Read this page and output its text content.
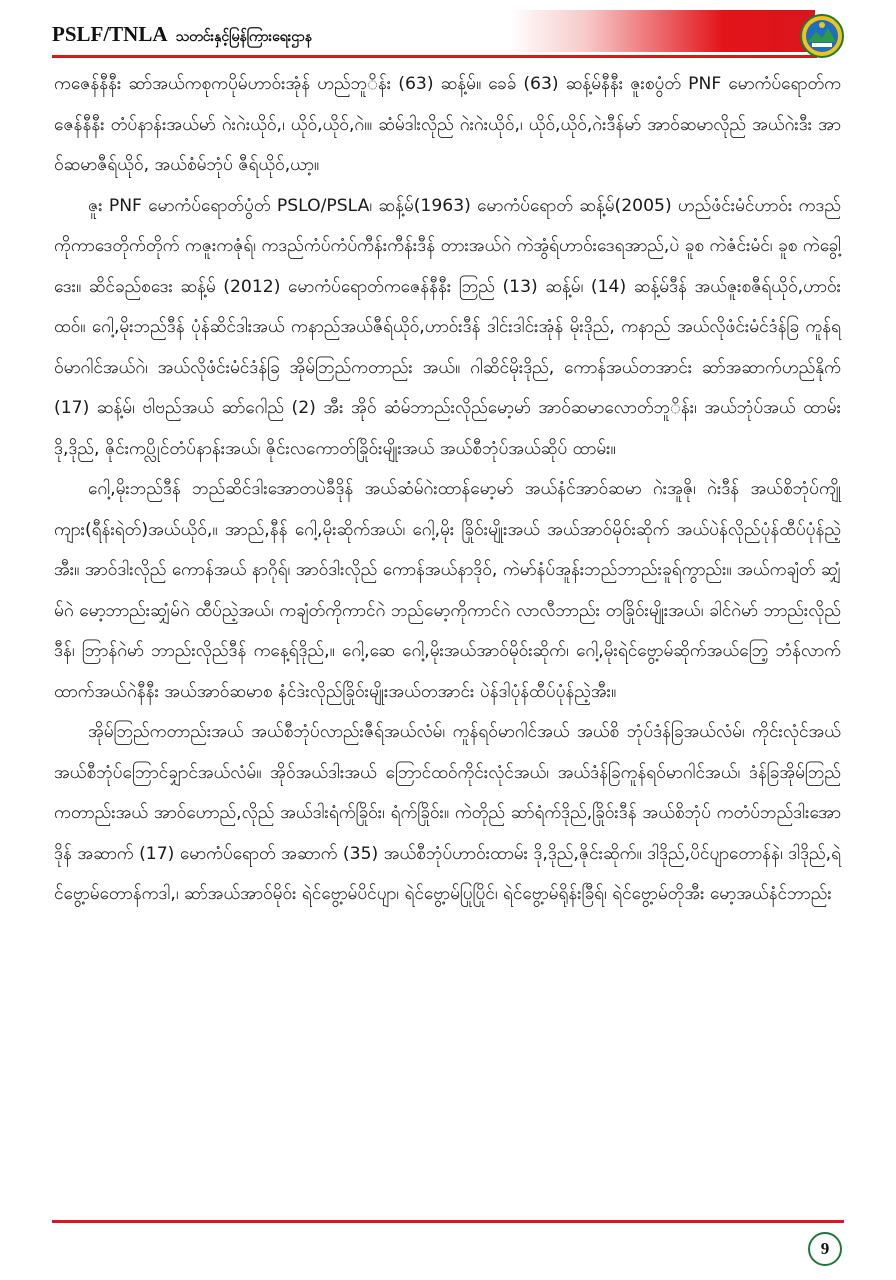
PSLF/TNLA သတင်းနှင့်မြန်ကြားရေးဌာန

ကဇေန်နီနီး ဆာ်အယ်ကစုကပိုမ်ဟာဝ်းအုံန် ဟည်ဘူိန်း (63) ဆန့်မ်။ ခေခ် (63) ဆန့်မ်နီနီး ဇူးစပွံတ် PNF မောကံပ်ရောတ်ကဇေန်နီနီး တံပ်နာန်းအယ်မာ် ဂဲးဂဲးယိုဝ်,၊ ယိုဝ်,ယိုဝ်,ဂဲ။၊ ဆံမ်ဒါးလိုည် ဂဲးဂဲးယိုဝ်,၊ ယိုဝ်,ယိုဝ်,ဂဲးဒီန်မာ် အာဝ်ဆမာလိုည် အယ်ဂဲးဒီး အာဝ်ဆမာဇီရ်ယိုဝ်, အယ်စံမ်ဘုံပ် ဇီရ်ယိုဝ်,ယာ့။

ဇူး PNF မောကံပ်ရောတ်ပွံတ် PSLO/PSLA၊ ဆန့်မ်(1963) မောကံပ်ရောတ် ဆန့်မ်(2005) ဟည်ဖံင်းမံင်ဟာဝ်း ကဒည်ကိုကာဒေတိုက်တိုက် ကဇူးကဇုံရ်၊ ကဒည်ကံပ်ကံပ်ကီန်းကီန်းဒီန် တားအယ်ဂဲ ကဲအွံရ်ဟာဝ်းဒေရအာည်,ပဲ ခူစ ကဲဇံင်းမံင်၊ ခူစ ကဲခွေါ့ဒေး။ ဆိင်ခည်စဒေး ဆန့်မ် (2012) မောကံပ်ရောတ်ကဇေန်နီနီး ဘြည် (13) ဆန့်မ်၊ (14) ဆန့်မ်ဒီန် အယ်ဇူးစဇီရ်ယိုဝ်,ဟာဝ်း ထဝ်။ ဂေါ့,မိုးဘည်ဒီန် ပုံန်ဆိင်ဒါးအယ် ကနာည်အယ်ဇီရ်ယိုဝ်,ဟာဝ်းဒီန် ဒါင်းဒါင်းအုံန် မိုးဒိုည်, ကနာည် အယ်လိုဖံင်းမံင်ဒံန်ခြ ကူန်ရဝ်မာဂါင်အယ်ဂဲ၊ အယ်လိုဖံင်းမံင်ဒံန်ခြ အိုမ်ဘြည်ကတာည်း အယ်။ ဂါဆိင်မိုးဒိုည်, ကောန်အယ်တအာင်း ဆာ်အဆာက်ဟည်နိုက် (17) ဆန့်မ်၊ ဗါဗည်အယ် ဆာ်ဂေါည် (2) အီး အိုဝ် ဆံမ်ဘာည်းလိုည်မော့မာ် အာဝ်ဆမာလောတ်ဘူိန်း၊ အယ်ဘုံပ်အယ် ထာမ်းဒို,ဒိုည်, ဇိုင်းကပ္လိုင်တံပ်နာန်းအယ်၊ ဇိုင်းလကောတ်ခြိုဝ်းမျိုးအယ် အယ်စီဘုံပ်အယ်ဆိုပ် ထာမ်း။

ဂေါ့,မိုးဘည်ဒီန် ဘည်ဆိင်ဒါးအောတပဲခီဒိုန် အယ်ဆံမ်ဂဲးထာန်မော့မာ် အယ်နံင်အာဝ်ဆမာ ဂဲးအူဇို၊ ဂဲးဒီန် အယ်စိဘုံပ်ကျိုကျား(ရီန်းရဲတ်)အယ်ယိုဝ်,။ အာည်,နီန် ဂေါ့,မိုးဆိုက်အယ်၊ ဂေါ့,မိုး ခြိုဝ်းမျိုးအယ် အယ်အာဝ်မိုဝ်းဆိုက် အယ်ပဲန်လိုည်ပုံန်ထီပ်ပုံန်ညဲ့အီး။ အာဝ်ဒါးလိုည် ကောန်အယ် နာဂိုရ်၊ အာဝ်ဒါးလိုည် ကောန်အယ်နာဒိုဝ်, ကဲမာ်နံပ်အူန်းဘည်ဘာည်းခူရ်ကွာည်း။ အယ်ကချံတ် ဆျှံမ်ဂဲ မော့ဘာည်းဆျှံမ်ဂဲ ထီပ်ညဲ့အယ်၊ ကချံတ်ကိုကာင်ဂဲ ဘည်မော့ကိုကာင်ဂဲ လာလီဘာည်း တခြိုဝ်းမျိုးအယ်၊ ခါင်ဂဲမာ် ဘာည်းလိုည်ဒီန်၊ ဘြာန်ဂဲမာ် ဘာည်းလိုည်ဒီန် ကနေ့ရ်ဒိုည်,။ ဂေါ့,ဆေ ဂေါ့,မိုးအယ်အာဝ်မိုဝ်းဆိုက်၊ ဂေါ့,မိုးရဲင်ဗွေ့ာမ်ဆိုက်အယ်ဘြေ့ ဘံန်လာက်ထာက်အယ်ဂဲနီနီး အယ်အာဝ်ဆမာစ နံင်ဒဲးလိုည်ခြိုဝ်းမျိုးအယ်တအာင်း ပဲန်ဒါပုံန်ထီပ်ပုံန်ညဲ့အီး။

အိုမ်ဘြည်ကတာည်းအယ် အယ်စီဘုံပ်လာည်းဇီရ်အယ်လံမ်၊ ကူန်ရဝ်မာဂါင်အယ် အယ်စိ ဘုံပ်ဒံန်ခြအယ်လံမ်၊ ကိုင်းလုံင်အယ် အယ်စီဘုံပ်ဘြောင်ချှာင်အယ်လံမ်။ အိုဝ်အယ်ဒါးအယ် ဘြောင်ထဝ်ကိုင်းလုံင်အယ်၊ အယ်ဒံန်ခြကူန်ရဝ်မာဂါင်အယ်၊ ဒံန်ခြအိုမ်ဘြည်ကတာည်းအယ် အာဝ်ဟောည်,လိုည် အယ်ဒါးရံက်ခြိုဝ်း၊ ရံက်ခြိုဝ်း။ ကဲတိုည် ဆာ်ရံက်ဒိုည်,ခြိုဝ်းဒီန် အယ်စိဘုံပ် ကတံပ်ဘည်ဒါးအောဒိုန် အဆာက် (17) မောကံပ်ရောတ် အဆာက် (35) အယ်စီဘုံပ်ဟာဝ်းထာမ်း ဒို,ဒိုည်,ဇိုင်းဆိုက်။ ဒါဒိုည်,ပိင်ပျာတောန်နဲ၊ ဒါဒိုည်,ရဲင်ဗွေ့ာမ်တောန်ကဒါ,၊ ဆာ်အယ်အာဝ်မိုဝ်း ရဲင်ဗွေ့ာမ်ပိင်ပျာ၊ ရဲင်ဗွေ့ာမ်ပြုပြိုင်၊ ရဲင်ဗွေ့ာမ်ရိုန်းခြီရ်၊ ရဲင်ဗွေ့ာမ်တိုအီး မော့အယ်နံင်ဘာည်း

9
